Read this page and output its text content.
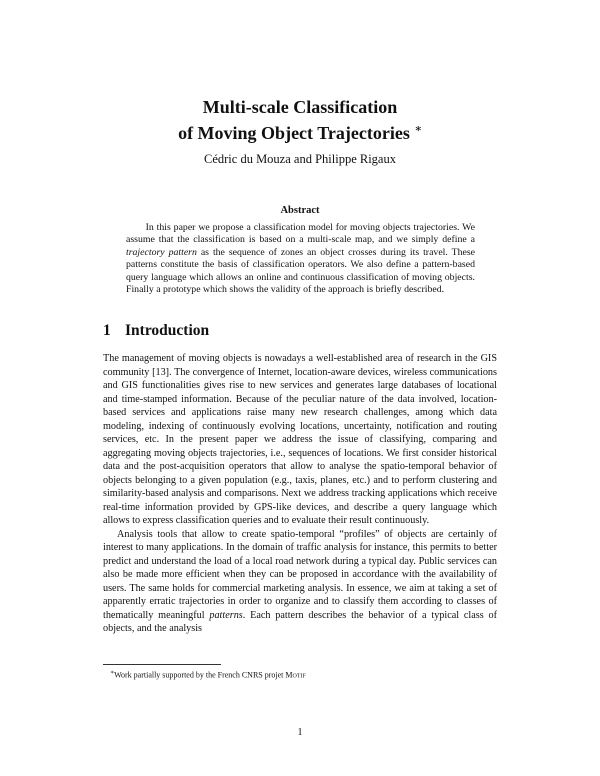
Multi-scale Classification
of Moving Object Trajectories ∗
Cédric du Mouza and Philippe Rigaux
Abstract
  In this paper we propose a classification model for moving objects trajectories. We assume that the classification is based on a multi-scale map, and we simply define a trajectory pattern as the sequence of zones an object crosses during its travel. These patterns constitute the basis of classification operators. We also define a pattern-based query language which allows an online and continuous classification of moving objects. Finally a prototype which shows the validity of the approach is briefly described.
1 Introduction

The management of moving objects is nowadays a well-established area of research in the GIS community [13]. The convergence of Internet, location-aware devices, wireless communications and GIS functionalities gives rise to new services and generates large databases of locational and time-stamped information. Because of the peculiar nature of the data involved, location-based services and applications raise many new research challenges, among which data modeling, indexing of continuously evolving locations, uncertainty, notification and routing services, etc. In the present paper we address the issue of classifying, comparing and aggregating moving objects trajectories, i.e., sequences of locations. We first consider historical data and the post-acquisition operators that allow to analyse the spatio-temporal behavior of objects belonging to a given population (e.g., taxis, planes, etc.) and to perform clustering and similarity-based analysis and comparisons. Next we address tracking applications which receive real-time information provided by GPS-like devices, and describe a query language which allows to express classification queries and to evaluate their result continuously.

Analysis tools that allow to create spatio-temporal “profiles” of objects are certainly of interest to many applications. In the domain of traffic analysis for instance, this permits to better predict and understand the load of a local road network during a typical day. Public services can also be made more efficient when they can be proposed in accordance with the availability of users. The same holds for commercial marketing analysis. In essence, we aim at taking a set of apparently erratic trajectories in order to organize and to classify them according to classes of thematically meaningful patterns. Each pattern describes the behavior of a typical class of objects, and the analysis

∗Work partially supported by the French CNRS projet Motif
1
